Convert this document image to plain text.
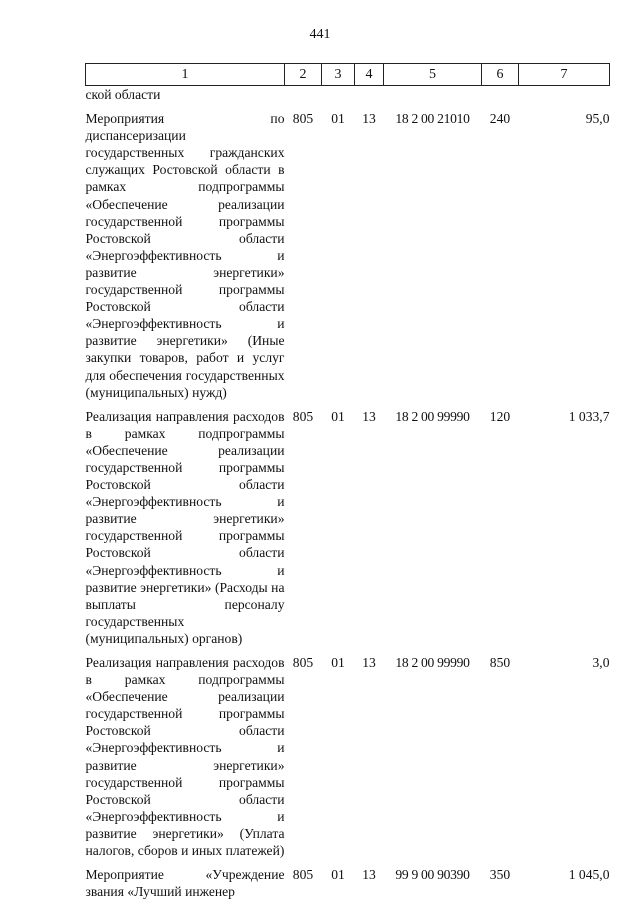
441
1	2	3	4	5	6	7
ской области						
Мероприятия по диспансеризации государственных гражданских служащих Ростовской области в рамках подпрограммы «Обеспечение реализации государственной программы Ростовской области «Энергоэффективность и развитие энергетики» государственной программы Ростовской области «Энергоэффективность и развитие энергетики» (Иные закупки товаров, работ и услуг для обеспечения государственных (муниципальных) нужд)	805	01	13	18 2 00 21010	240	95,0
Реализация направления расходов в рамках подпрограммы «Обеспечение реализации государственной программы Ростовской области «Энергоэффективность и развитие энергетики» государственной программы Ростовской области «Энергоэффективность и развитие энергетики» (Расходы на выплаты персоналу государственных (муниципальных) органов)	805	01	13	18 2 00 99990	120	1 033,7
Реализация направления расходов в рамках подпрограммы «Обеспечение реализации государственной программы Ростовской области «Энергоэффективность и развитие энергетики» государственной программы Ростовской области «Энергоэффективность и развитие энергетики» (Уплата налогов, сборов и иных платежей)	805	01	13	18 2 00 99990	850	3,0
Мероприятие «Учреждение звания «Лучший инженер	805	01	13	99 9 00 90390	350	1 045,0
